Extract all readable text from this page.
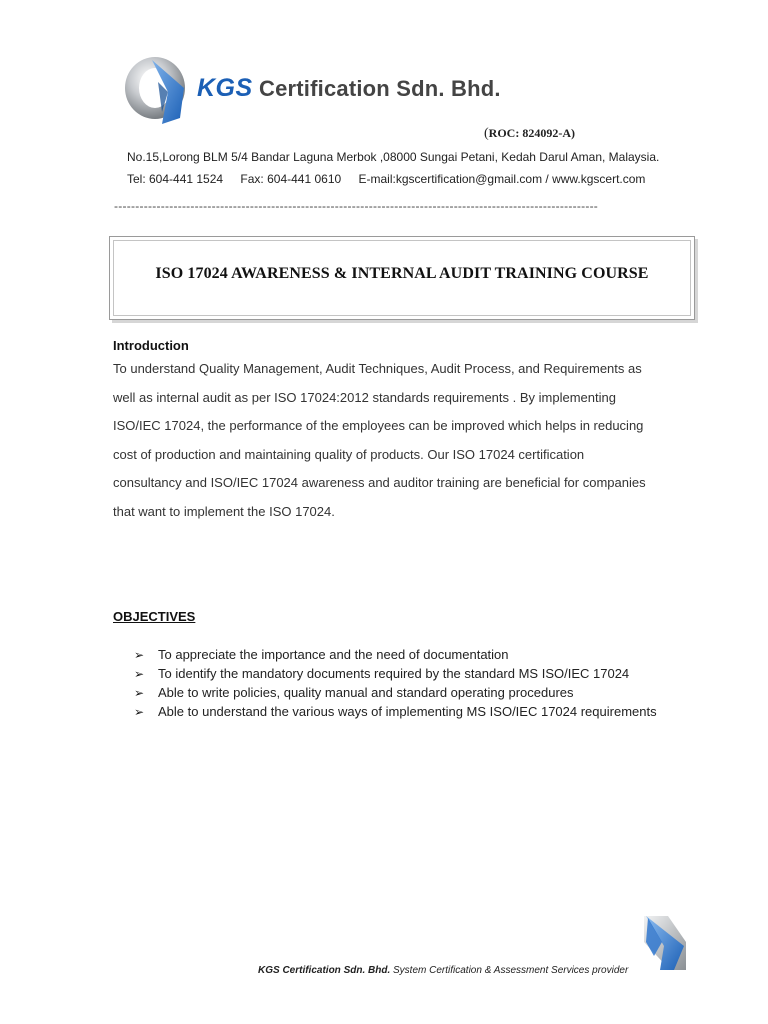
KGS Certification Sdn. Bhd.
(ROC: 824092-A)
No.15,Lorong BLM 5/4 Bandar Laguna Merbok ,08000 Sungai Petani, Kedah Darul Aman, Malaysia.
Tel: 604-441 1524 Fax: 604-441 0610 E-mail:kgscertification@gmail.com / www.kgscert.com
------------------------------------------------------------------------------------------------------------------
ISO 17024 AWARENESS & INTERNAL AUDIT TRAINING COURSE
Introduction
To understand Quality Management, Audit Techniques, Audit Process, and Requirements as
well as internal audit as per ISO 17024:2012 standards requirements . By implementing
ISO/IEC 17024, the performance of the employees can be improved which helps in reducing
cost of production and maintaining quality of products. Our ISO 17024 certification
consultancy and ISO/IEC 17024 awareness and auditor training are beneficial for companies
that want to implement the ISO 17024.
OBJECTIVES
➢	To appreciate the importance and the need of documentation
➢	To identify the mandatory documents required by the standard MS ISO/IEC 17024
➢	Able to write policies, quality manual and standard operating procedures
➢	Able to understand the various ways of implementing MS ISO/IEC 17024 requirements
KGS Certification Sdn. Bhd. System Certification & Assessment Services provider
